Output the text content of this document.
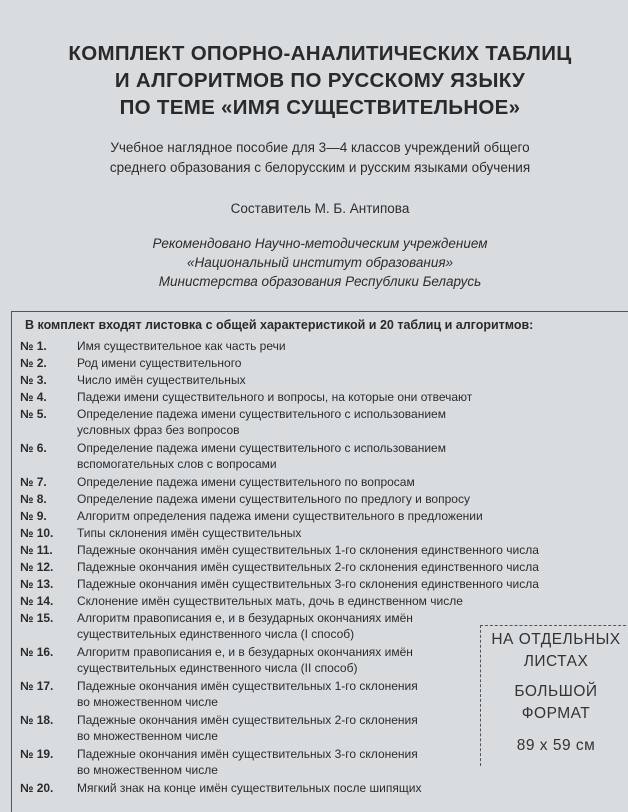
КОМПЛЕКТ ОПОРНО-АНАЛИТИЧЕСКИХ ТАБЛИЦ
И АЛГОРИТМОВ ПО РУССКОМУ ЯЗЫКУ
ПО ТЕМЕ «ИМЯ СУЩЕСТВИТЕЛЬНОЕ»
Учебное наглядное пособие для 3—4 классов учреждений общего
среднего образования с белорусским и русским языками обучения
Составитель М. Б. Антипова
Рекомендовано Научно-методическим учреждением
«Национальный институт образования»
Министерства образования Республики Беларусь
В комплект входят листовка с общей характеристикой и 20 таблиц и алгоритмов:
№ 1.	Имя существительное как часть речи
№ 2.	Род имени существительного
№ 3.	Число имён существительных
№ 4.	Падежи имени существительного и вопросы, на которые они отвечают
№ 5.	Определение падежа имени существительного с использованием
условных фраз без вопросов
№ 6.	Определение падежа имени существительного с использованием
вспомогательных слов с вопросами
№ 7.	Определение падежа имени существительного по вопросам
№ 8.	Определение падежа имени существительного по предлогу и вопросу
№ 9.	Алгоритм определения падежа имени существительного в предложении
№ 10.	Типы склонения имён существительных
№ 11.	Падежные окончания имён существительных 1-го склонения единственного числа
№ 12.	Падежные окончания имён существительных 2-го склонения единственного числа
№ 13.	Падежные окончания имён существительных 3-го склонения единственного числа
№ 14.	Склонение имён существительных мать, дочь в единственном числе
№ 15.	Алгоритм правописания е, и в безударных окончаниях имён
существительных единственного числа (I способ)
№ 16.	Алгоритм правописания е, и в безударных окончаниях имён
существительных единственного числа (II способ)
№ 17.	Падежные окончания имён существительных 1-го склонения
во множественном числе
№ 18.	Падежные окончания имён существительных 2-го склонения
во множественном числе
№ 19.	Падежные окончания имён существительных 3-го склонения
во множественном числе
№ 20.	Мягкий знак на конце имён существительных после шипящих
НА ОТДЕЛЬНЫХ
ЛИСТАХ
БОЛЬШОЙ
ФОРМАТ
89 х 59 см
